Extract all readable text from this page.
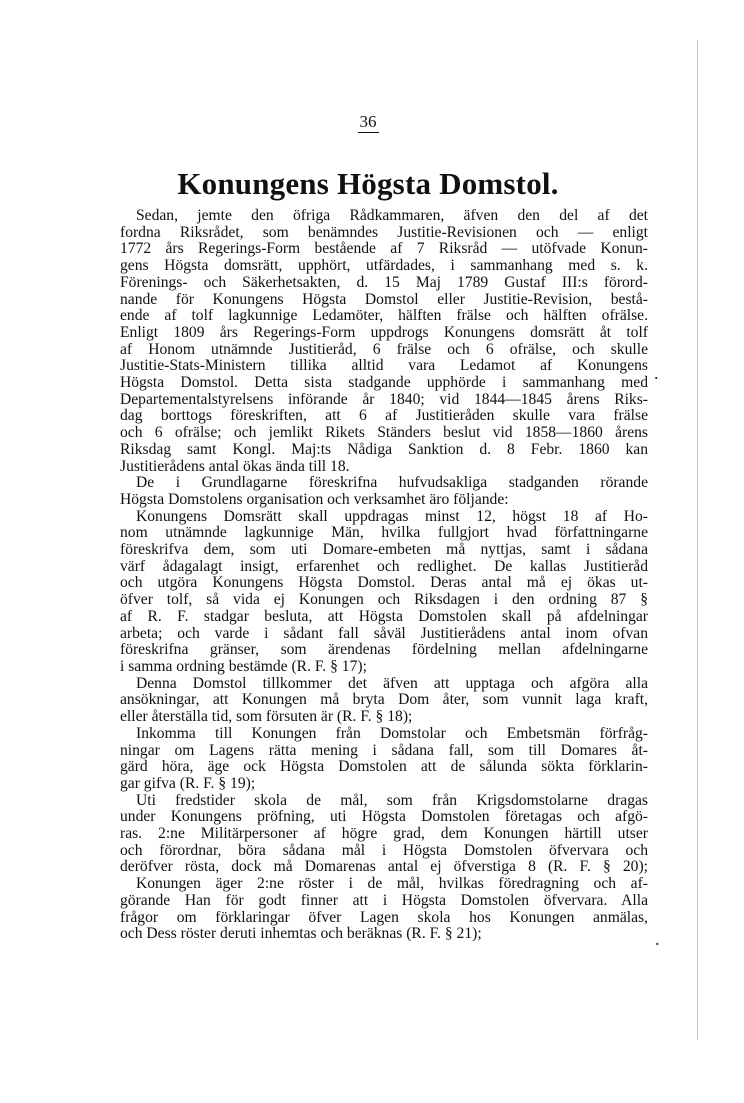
36
Konungens Högsta Domstol.
Sedan, jemte den öfriga Rådkammaren, äfven den del af det
fordna Riksrådet, som benämndes Justitie-Revisionen och — enligt
1772 års Regerings-Form bestående af 7 Riksråd — utöfvade Konun-
gens Högsta domsrätt, upphört, utfärdades, i sammanhang med s. k.
Förenings- och Säkerhetsakten, d. 15 Maj 1789 Gustaf III:s förord-
nande för Konungens Högsta Domstol eller Justitie-Revision, bestå-
ende af tolf lagkunnige Ledamöter, hälften frälse och hälften ofrälse.
Enligt 1809 års Regerings-Form uppdrogs Konungens domsrätt åt tolf
af Honom utnämnde Justitieråd, 6 frälse och 6 ofrälse, och skulle
Justitie-Stats-Ministern tillika alltid vara Ledamot af Konungens
Högsta Domstol. Detta sista stadgande upphörde i sammanhang med
Departementalstyrelsens införande år 1840; vid 1844—1845 årens Riks-
dag borttogs föreskriften, att 6 af Justitieråden skulle vara frälse
och 6 ofrälse; och jemlikt Rikets Ständers beslut vid 1858—1860 årens
Riksdag samt Kongl. Maj:ts Nådiga Sanktion d. 8 Febr. 1860 kan
Justitierådens antal ökas ända till 18.
De i Grundlagarne föreskrifna hufvudsakliga stadganden rörande
Högsta Domstolens organisation och verksamhet äro följande:
Konungens Domsrätt skall uppdragas minst 12, högst 18 af Ho-
nom utnämnde lagkunnige Män, hvilka fullgjort hvad författningarne
föreskrifva dem, som uti Domare-embeten må nyttjas, samt i sådana
värf ådagalagt insigt, erfarenhet och redlighet. De kallas Justitieråd
och utgöra Konungens Högsta Domstol. Deras antal må ej ökas ut-
öfver tolf, så vida ej Konungen och Riksdagen i den ordning 87 §
af R. F. stadgar besluta, att Högsta Domstolen skall på afdelningar
arbeta; och varde i sådant fall såväl Justitierådens antal inom ofvan
föreskrifna gränser, som ärendenas fördelning mellan afdelningarne
i samma ordning bestämde (R. F. § 17);
Denna Domstol tillkommer det äfven att upptaga och afgöra alla
ansökningar, att Konungen må bryta Dom åter, som vunnit laga kraft,
eller återställa tid, som försuten är (R. F. § 18);
Inkomma till Konungen från Domstolar och Embetsmän förfråg-
ningar om Lagens rätta mening i sådana fall, som till Domares åt-
gärd höra, äge ock Högsta Domstolen att de sålunda sökta förklarin-
gar gifva (R. F. § 19);
Uti fredstider skola de mål, som från Krigsdomstolarne dragas
under Konungens pröfning, uti Högsta Domstolen företagas och afgö-
ras. 2:ne Militärpersoner af högre grad, dem Konungen härtill utser
och förordnar, böra sådana mål i Högsta Domstolen öfvervara och
deröfver rösta, dock må Domarenas antal ej öfverstiga 8 (R. F. § 20);
Konungen äger 2:ne röster i de mål, hvilkas föredragning och af-
görande Han för godt finner att i Högsta Domstolen öfvervara. Alla
frågor om förklaringar öfver Lagen skola hos Konungen anmälas,
och Dess röster deruti inhemtas och beräknas (R. F. § 21);
.
.
